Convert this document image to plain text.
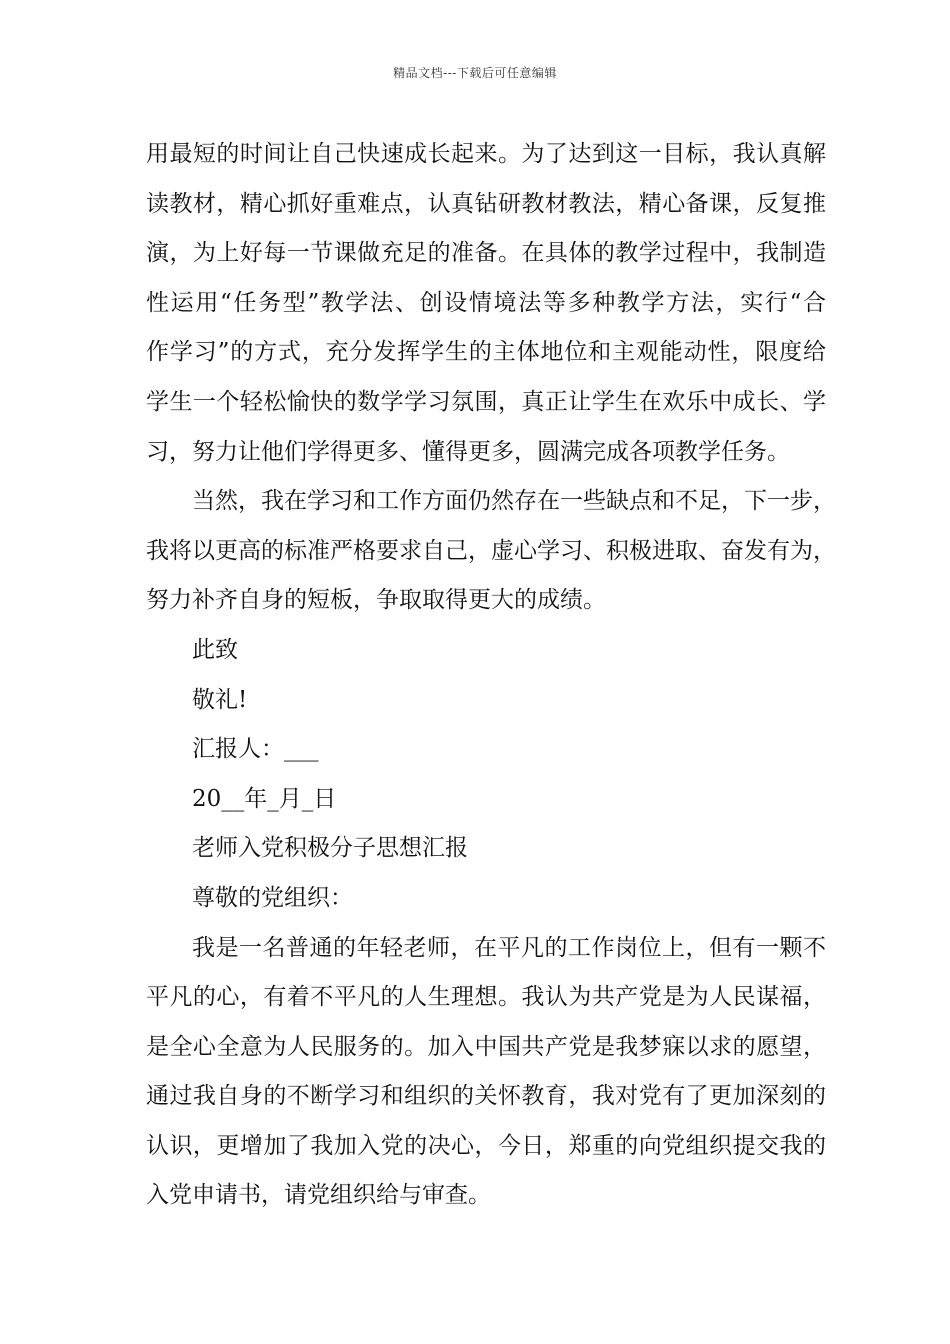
精品文档---下载后可任意编辑
用最短的时间让自己快速成长起来。为了达到这一目标，我认真解
读教材，精心抓好重难点，认真钻研教材教法，精心备课，反复推
演，为上好每一节课做充足的准备。在具体的教学过程中，我制造
性运用“任务型”教学法、创设情境法等多种教学方法，实行“合
作学习”的方式，充分发挥学生的主体地位和主观能动性，限度给
学生一个轻松愉快的数学学习氛围，真正让学生在欢乐中成长、学
习，努力让他们学得更多、懂得更多，圆满完成各项教学任务。
当然，我在学习和工作方面仍然存在一些缺点和不足，下一步，
我将以更高的标准严格要求自己，虚心学习、积极进取、奋发有为，
努力补齐自身的短板，争取取得更大的成绩。
此致
敬礼!
汇报人：___
20__年_月_日
老师入党积极分子思想汇报
尊敬的党组织：
我是一名普通的年轻老师，在平凡的工作岗位上，但有一颗不
平凡的心，有着不平凡的人生理想。我认为共产党是为人民谋福，
是全心全意为人民服务的。加入中国共产党是我梦寐以求的愿望，
通过我自身的不断学习和组织的关怀教育，我对党有了更加深刻的
认识，更增加了我加入党的决心，今日，郑重的向党组织提交我的
入党申请书，请党组织给与审查。
